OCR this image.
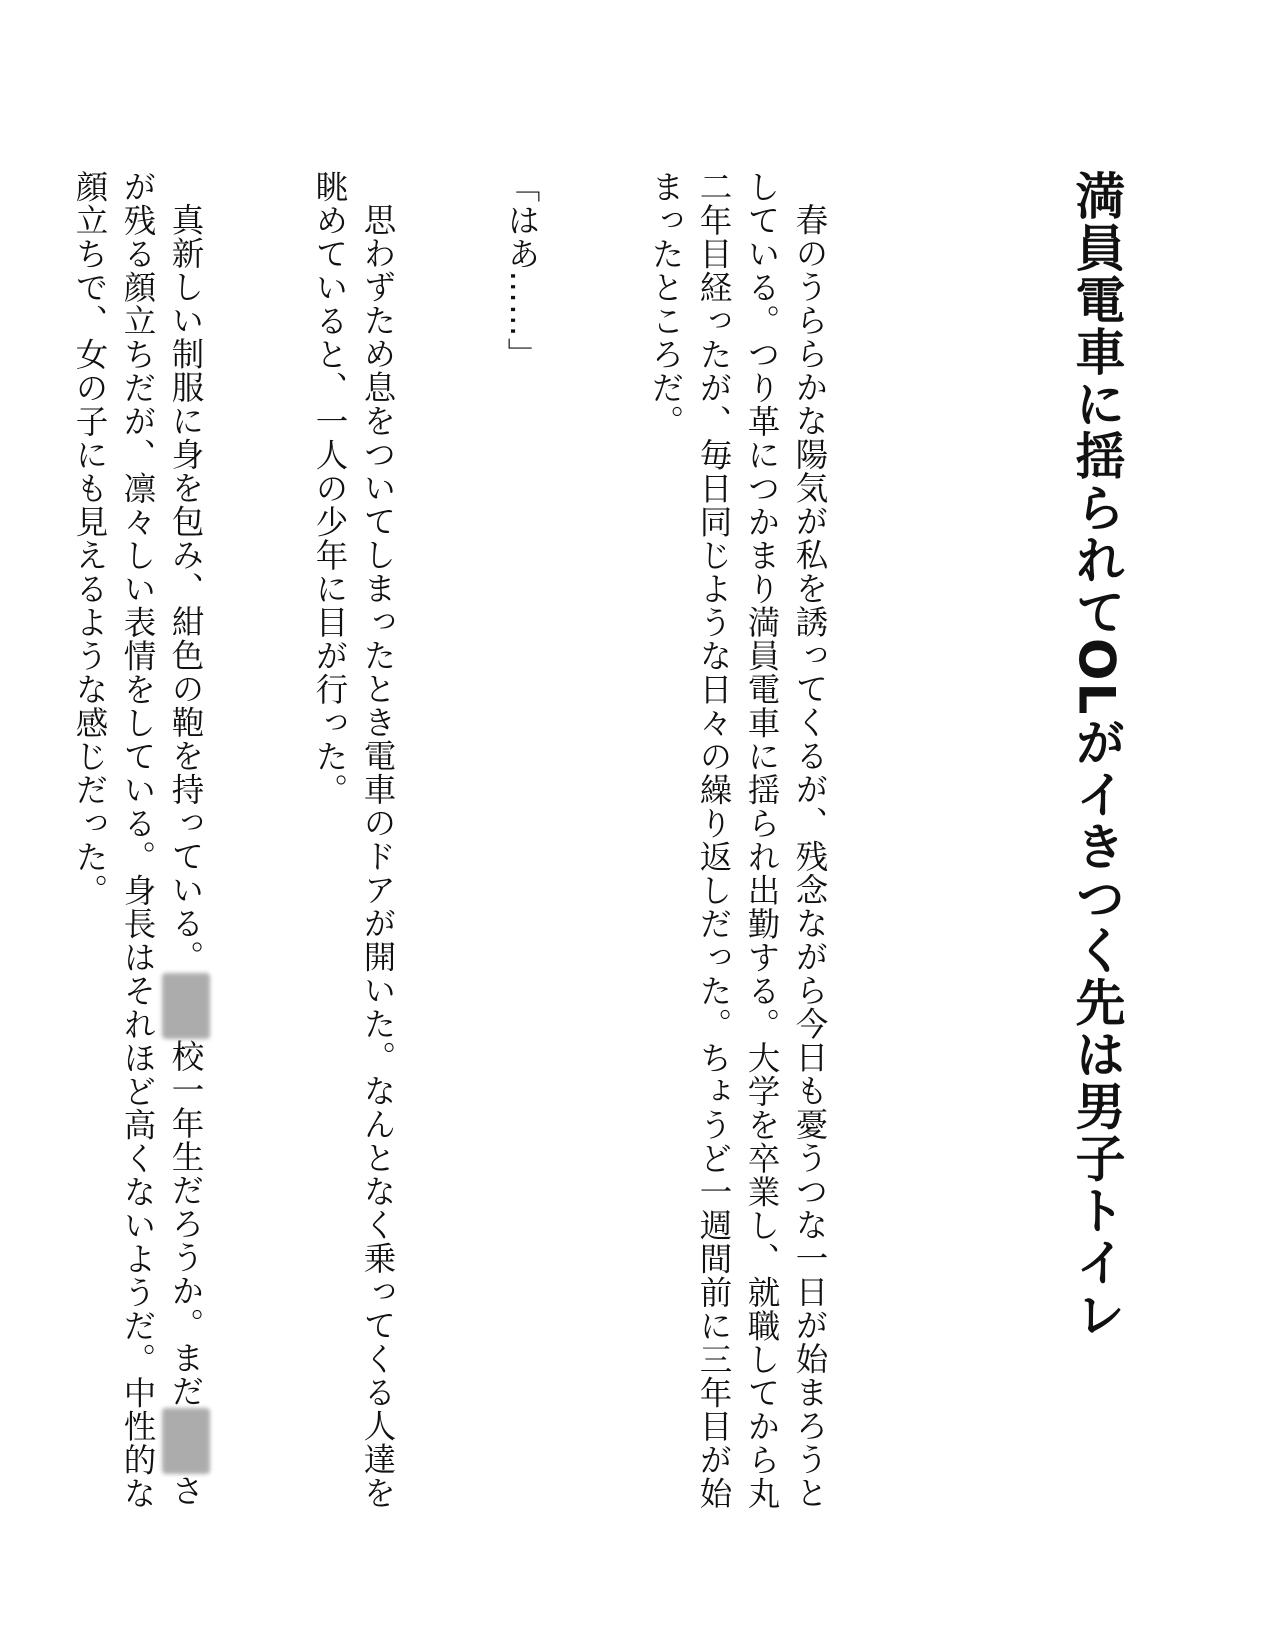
満員電車に揺られてOLがイきつく先は男子トイレ

春のうららかな陽気が私を誘ってくるが、残念ながら今日も憂うつな一日が始まろうとしている。つり革につかまり満員電車に揺られ出勤する。大学を卒業し、就職してから丸二年目経ったが、毎日同じような日々の繰り返しだった。ちょうど一週間前に三年目が始まったところだ。

「はあ……」

思わずため息をついてしまったとき電車のドアが開いた。なんとなく乗ってくる人達を眺めていると、一人の少年に目が行った。

真新しい制服に身を包み、紺色の鞄を持っている。校一年生だろうか。まださが残る顔立ちだが、凛々しい表情をしている。身長はそれほど高くないようだ。中性的な顔立ちで、女の子にも見えるような感じだった。
